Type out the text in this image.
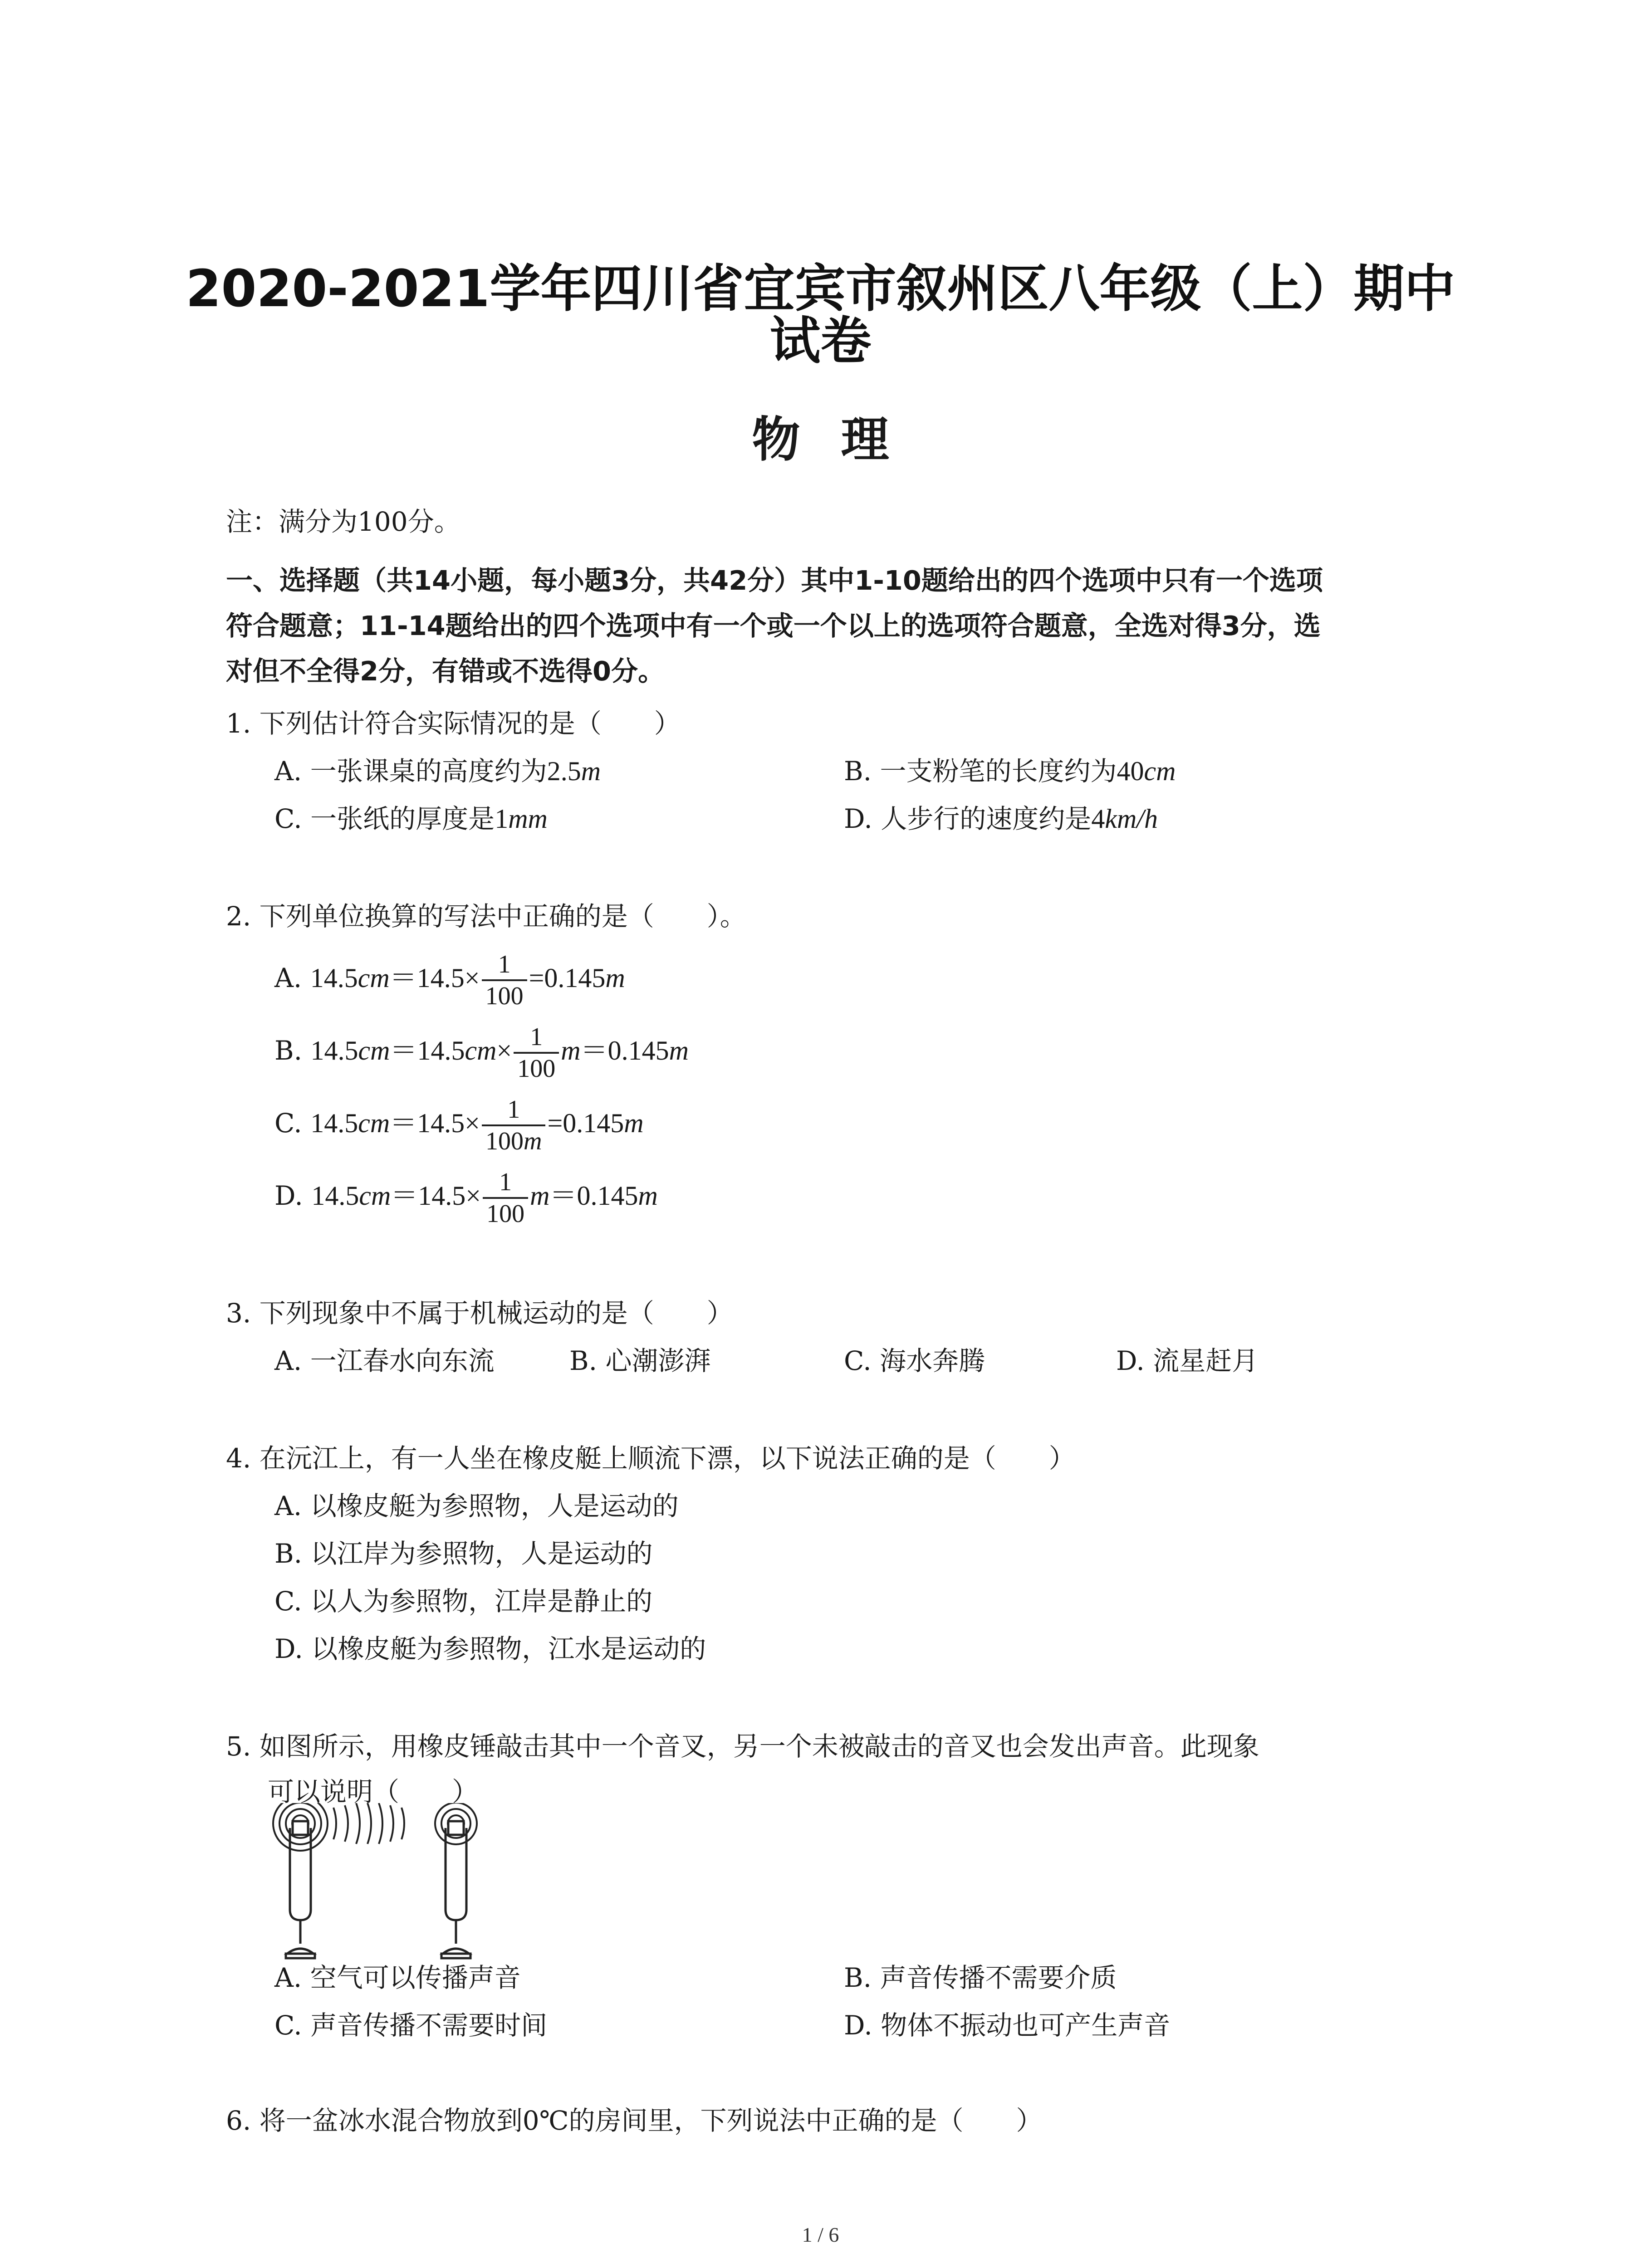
2020-2021学年四川省宜宾市叙州区八年级（上）期中
试卷
物理
注：满分为100分。
一、选择题（共14小题，每小题3分，共42分）其中1-10题给出的四个选项中只有一个选项
符合题意；11-14题给出的四个选项中有一个或一个以上的选项符合题意，全选对得3分，选
对但不全得2分，有错或不选得0分。
1. 下列估计符合实际情况的是（　　）
A. 一张课桌的高度约为2.5m	B. 一支粉笔的长度约为40cm
C. 一张纸的厚度是1mm	D. 人步行的速度约是4km/h
2. 下列单位换算的写法中正确的是（　　）。
A. $14.5cm=14.5\times \frac{1}{100} =0.145m$
B. $14.5cm=14.5cm\times \frac{1}{100} m=0.145m$
C. $14.5cm=14.5\times \frac{1}{100m} =0.145m$
D. $14.5cm=14.5\times \frac{1}{100} m=0.145m$
3. 下列现象中不属于机械运动的是（　　）
A. 一江春水向东流	B. 心潮澎湃	C. 海水奔腾	D. 流星赶月
4. 在沅江上，有一人坐在橡皮艇上顺流下漂，以下说法正确的是（　　）
A. 以橡皮艇为参照物，人是运动的
B. 以江岸为参照物，人是运动的
C. 以人为参照物，江岸是静止的
D. 以橡皮艇为参照物，江水是运动的
5. 如图所示，用橡皮锤敲击其中一个音叉，另一个未被敲击的音叉也会发出声音。此现象
可以说明（　　）
A. 空气可以传播声音	B. 声音传播不需要介质
C. 声音传播不需要时间	D. 物体不振动也可产生声音
6. 将一盆冰水混合物放到0℃的房间里，下列说法中正确的是（　　）
1 / 6
